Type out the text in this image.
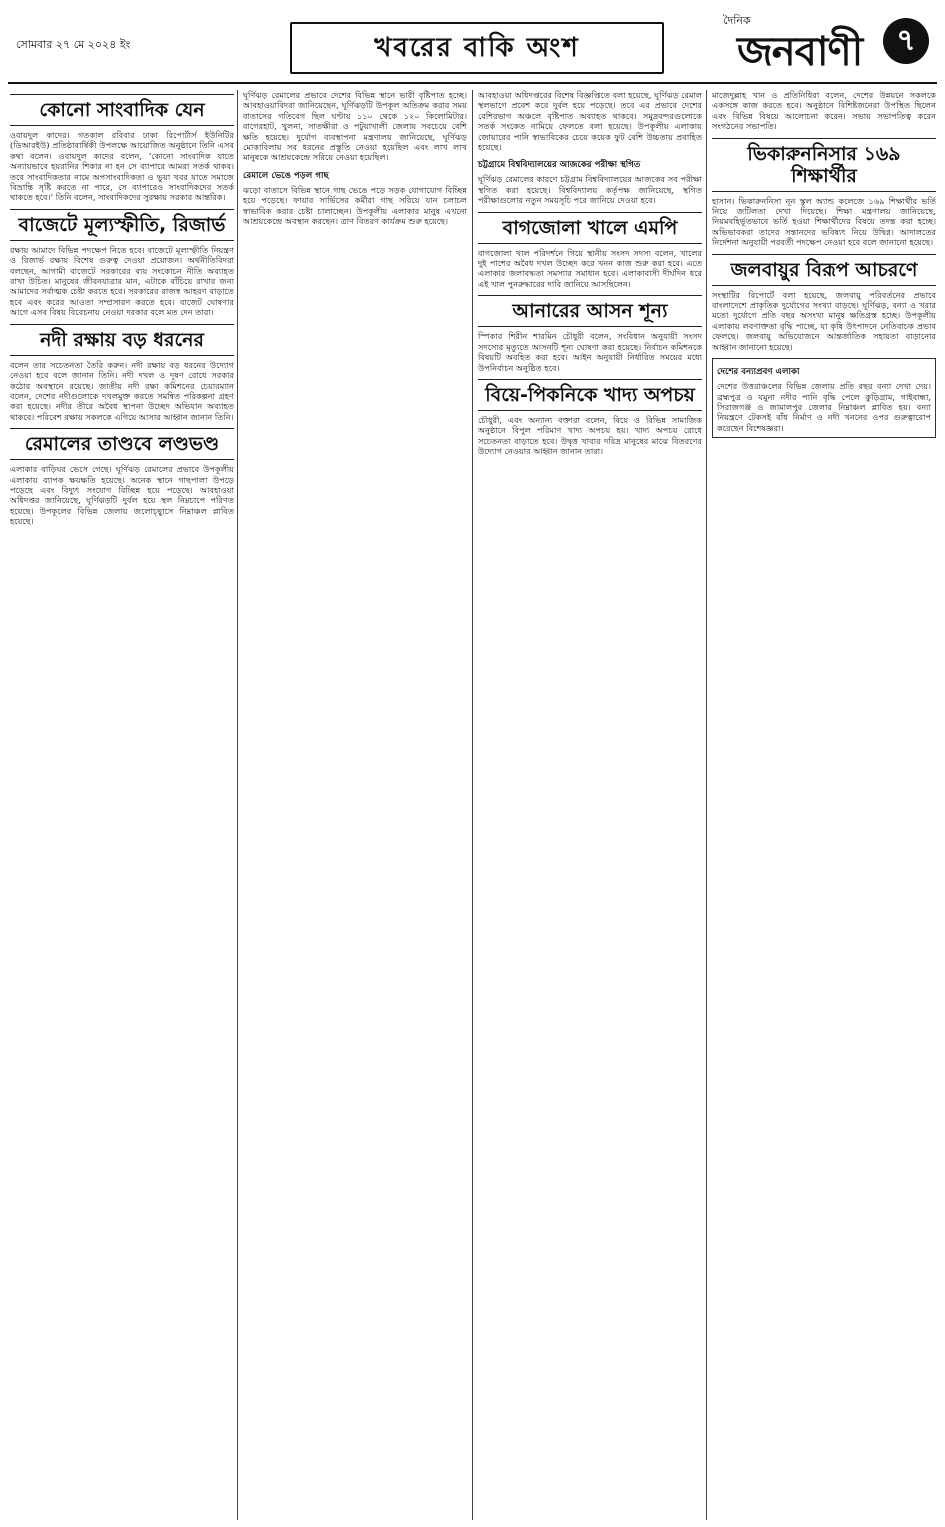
সোমবার ২৭ মে ২০২৪ ইং	খবরের বাকি অংশ
দৈনিক
জনবাণী	৭
কোনো সাংবাদিক যেন

ওবায়দুল কাদের। গতকাল রবিবার ঢাকা রিপোর্টার্স ইউনিটির (ডিআরইউ) প্রতিষ্ঠাবার্ষিকী উপলক্ষে আয়োজিত অনুষ্ঠানে তিনি এসব কথা বলেন। ওবায়দুল কাদের বলেন, ‘কোনো সাংবাদিক যাতে অন্যায়ভাবে হয়রানির শিকার না হন সে ব্যাপারে আমরা সতর্ক থাকব। তবে সাংবাদিকতার নামে অপসাংবাদিকতা ও ভুয়া খবর যাতে সমাজে বিভ্রান্তি সৃষ্টি করতে না পারে, সে ব্যাপারেও সাংবাদিকদের সতর্ক থাকতে হবে।’ তিনি বলেন, সাংবাদিকদের সুরক্ষায় সরকার আন্তরিক।

বাজেটে মূল্যস্ফীতি, রিজার্ভ

রক্ষায় আমাদে বিভিন্ন পদক্ষেপ নিতে হবে। বাজেটে মূল্যস্ফীতি নিয়ন্ত্রণ ও রিজার্ভ রক্ষায় বিশেষ গুরুত্ব দেওয়া প্রয়োজন। অর্থনীতিবিদরা বলছেন, আগামী বাজেটে সরকারের ব্যয় সংকোচন নীতি অব্যাহত রাখা উচিত। মানুষের জীবনযাত্রার মান, এটাকে বাঁচিয়ে রাখার জন্য আমাদের সর্বাত্মক চেষ্টা করতে হবে। সরকারের রাজস্ব আহরণ বাড়াতে হবে এবং করের আওতা সম্প্রসারণ করতে হবে। বাজেট ঘোষণার আগে এসব বিষয় বিবেচনায় নেওয়া দরকার বলে মত দেন তারা।

নদী রক্ষায় বড় ধরনের

বলেন তার সচেতনতা তৈরি করুন। নদী রক্ষায় বড় ধরনের উদ্যোগ নেওয়া হবে বলে জানান তিনি। নদী দখল ও দূষণ রোধে সরকার কঠোর অবস্থানে রয়েছে। জাতীয় নদী রক্ষা কমিশনের চেয়ারম্যান বলেন, দেশের নদীগুলোকে দখলমুক্ত করতে সমন্বিত পরিকল্পনা গ্রহণ করা হয়েছে। নদীর তীরে অবৈধ স্থাপনা উচ্ছেদ অভিযান অব্যাহত থাকবে। পরিবেশ রক্ষায় সকলকে এগিয়ে আসার আহ্বান জানান তিনি।

রেমালের তাণ্ডবে লণ্ডভণ্ড

এলাকার বাড়িঘর ভেসে গেছে। ঘূর্ণিঝড় রেমালের প্রভাবে উপকূলীয় এলাকায় ব্যাপক ক্ষয়ক্ষতি হয়েছে। অনেক স্থানে গাছপালা উপড়ে পড়েছে এবং বিদ্যুৎ সংযোগ বিচ্ছিন্ন হয়ে পড়েছে। আবহাওয়া অধিদপ্তর জানিয়েছে, ঘূর্ণিঝড়টি দুর্বল হয়ে স্থল নিম্নচাপে পরিণত হয়েছে। উপকূলের বিভিন্ন জেলায় জলোচ্ছ্বাসে নিম্নাঞ্চল প্লাবিত হয়েছে।

ঘূর্ণিঝড় রেমালের প্রভাবে দেশের বিভিন্ন স্থানে ভারী বৃষ্টিপাত হচ্ছে। আবহাওয়াবিদরা জানিয়েছেন, ঘূর্ণিঝড়টি উপকূল অতিক্রম করার সময় বাতাসের গতিবেগ ছিল ঘণ্টায় ১১০ থেকে ১২০ কিলোমিটার। বাগেরহাট, খুলনা, সাতক্ষীরা ও পটুয়াখালী জেলায় সবচেয়ে বেশি ক্ষতি হয়েছে। দুর্যোগ ব্যবস্থাপনা মন্ত্রণালয় জানিয়েছে, ঘূর্ণিঝড় মোকাবিলায় সব ধরনের প্রস্তুতি নেওয়া হয়েছিল এবং লাখ লাখ মানুষকে আশ্রয়কেন্দ্রে সরিয়ে নেওয়া হয়েছিল।

রেমালে ভেঙে পড়ল গাছ

ঝড়ো বাতাসে বিভিন্ন স্থানে গাছ ভেঙে পড়ে সড়ক যোগাযোগ বিচ্ছিন্ন হয়ে পড়েছে। ফায়ার সার্ভিসের কর্মীরা গাছ সরিয়ে যান চলাচল স্বাভাবিক করার চেষ্টা চালাচ্ছেন। উপকূলীয় এলাকার মানুষ এখনো আশ্রয়কেন্দ্রে অবস্থান করছেন। ত্রাণ বিতরণ কার্যক্রম শুরু হয়েছে।

আবহাওয়া অধিদপ্তরের বিশেষ বিজ্ঞপ্তিতে বলা হয়েছে, ঘূর্ণিঝড় রেমাল স্থলভাগে প্রবেশ করে দুর্বল হয়ে পড়েছে। তবে এর প্রভাবে দেশের বেশিরভাগ অঞ্চলে বৃষ্টিপাত অব্যাহত থাকবে। সমুদ্রবন্দরগুলোকে সতর্ক সংকেত নামিয়ে ফেলতে বলা হয়েছে। উপকূলীয় এলাকায় জোয়ারের পানি স্বাভাবিকের চেয়ে কয়েক ফুট বেশি উচ্চতায় প্রবাহিত হয়েছে।

চট্টগ্রামে বিশ্ববিদ্যালয়ের আজকের পরীক্ষা স্থগিত

ঘূর্ণিঝড় রেমালের কারণে চট্টগ্রাম বিশ্ববিদ্যালয়ের আজকের সব পরীক্ষা স্থগিত করা হয়েছে। বিশ্ববিদ্যালয় কর্তৃপক্ষ জানিয়েছে, স্থগিত পরীক্ষাগুলোর নতুন সময়সূচি পরে জানিয়ে দেওয়া হবে।

বাগজোলা খালে এমপি

বাগজোলা খাল পরিদর্শনে গিয়ে স্থানীয় সংসদ সদস্য বলেন, খালের দুই পাশের অবৈধ দখল উচ্ছেদ করে খনন কাজ শুরু করা হবে। এতে এলাকার জলাবদ্ধতা সমস্যার সমাধান হবে। এলাকাবাসী দীর্ঘদিন ধরে এই খাল পুনরুদ্ধারের দাবি জানিয়ে আসছিলেন।

আনারের আসন শূন্য

স্পিকার শিরীন শারমিন চৌধুরী বলেন, সংবিধান অনুযায়ী সংসদ সদস্যের মৃত্যুতে আসনটি শূন্য ঘোষণা করা হয়েছে। নির্বাচন কমিশনকে বিষয়টি অবহিত করা হবে। আইন অনুযায়ী নির্ধারিত সময়ের মধ্যে উপনির্বাচন অনুষ্ঠিত হবে।

বিয়ে-পিকনিকে খাদ্য অপচয়

চৌধুরী, এবং অন্যান্য বক্তারা বলেন, বিয়ে ও বিভিন্ন সামাজিক অনুষ্ঠানে বিপুল পরিমাণ খাদ্য অপচয় হয়। খাদ্য অপচয় রোধে সচেতনতা বাড়াতে হবে। উদ্বৃত্ত খাবার দরিদ্র মানুষের মাঝে বিতরণের উদ্যোগ নেওয়ার আহ্বান জানান তারা।

মাজেদুল্লাহ খান ও প্রতিনিধিরা বলেন, দেশের উন্নয়নে সকলকে একসঙ্গে কাজ করতে হবে। অনুষ্ঠানে বিশিষ্টজনেরা উপস্থিত ছিলেন এবং বিভিন্ন বিষয়ে আলোচনা করেন। সভায় সভাপতিত্ব করেন সংগঠনের সভাপতি।

ভিকারুননিসার ১৬৯ শিক্ষার্থীর

হাসান। ভিকারুননিসা নূন স্কুল অ্যান্ড কলেজে ১৬৯ শিক্ষার্থীর ভর্তি নিয়ে জটিলতা দেখা দিয়েছে। শিক্ষা মন্ত্রণালয় জানিয়েছে, নিয়মবহির্ভূতভাবে ভর্তি হওয়া শিক্ষার্থীদের বিষয়ে তদন্ত করা হচ্ছে। অভিভাবকরা তাদের সন্তানদের ভবিষ্যৎ নিয়ে উদ্বিগ্ন। আদালতের নির্দেশনা অনুযায়ী পরবর্তী পদক্ষেপ নেওয়া হবে বলে জানানো হয়েছে।

জলবায়ুর বিরূপ আচরণে

সংস্থাটির রিপোর্টে বলা হয়েছে, জলবায়ু পরিবর্তনের প্রভাবে বাংলাদেশে প্রাকৃতিক দুর্যোগের সংখ্যা বাড়ছে। ঘূর্ণিঝড়, বন্যা ও খরার মতো দুর্যোগে প্রতি বছর অসংখ্য মানুষ ক্ষতিগ্রস্ত হচ্ছে। উপকূলীয় এলাকায় লবণাক্ততা বৃদ্ধি পাচ্ছে, যা কৃষি উৎপাদনে নেতিবাচক প্রভাব ফেলছে। জলবায়ু অভিযোজনে আন্তর্জাতিক সহায়তা বাড়ানোর আহ্বান জানানো হয়েছে।

দেশের বন্যাপ্রবণ এলাকা

দেশের উত্তরাঞ্চলের বিভিন্ন জেলায় প্রতি বছর বন্যা দেখা দেয়। ব্রহ্মপুত্র ও যমুনা নদীর পানি বৃদ্ধি পেলে কুড়িগ্রাম, গাইবান্ধা, সিরাজগঞ্জ ও জামালপুর জেলার নিম্নাঞ্চল প্লাবিত হয়। বন্যা নিয়ন্ত্রণে টেকসই বাঁধ নির্মাণ ও নদী খননের ওপর গুরুত্বারোপ করেছেন বিশেষজ্ঞরা।
